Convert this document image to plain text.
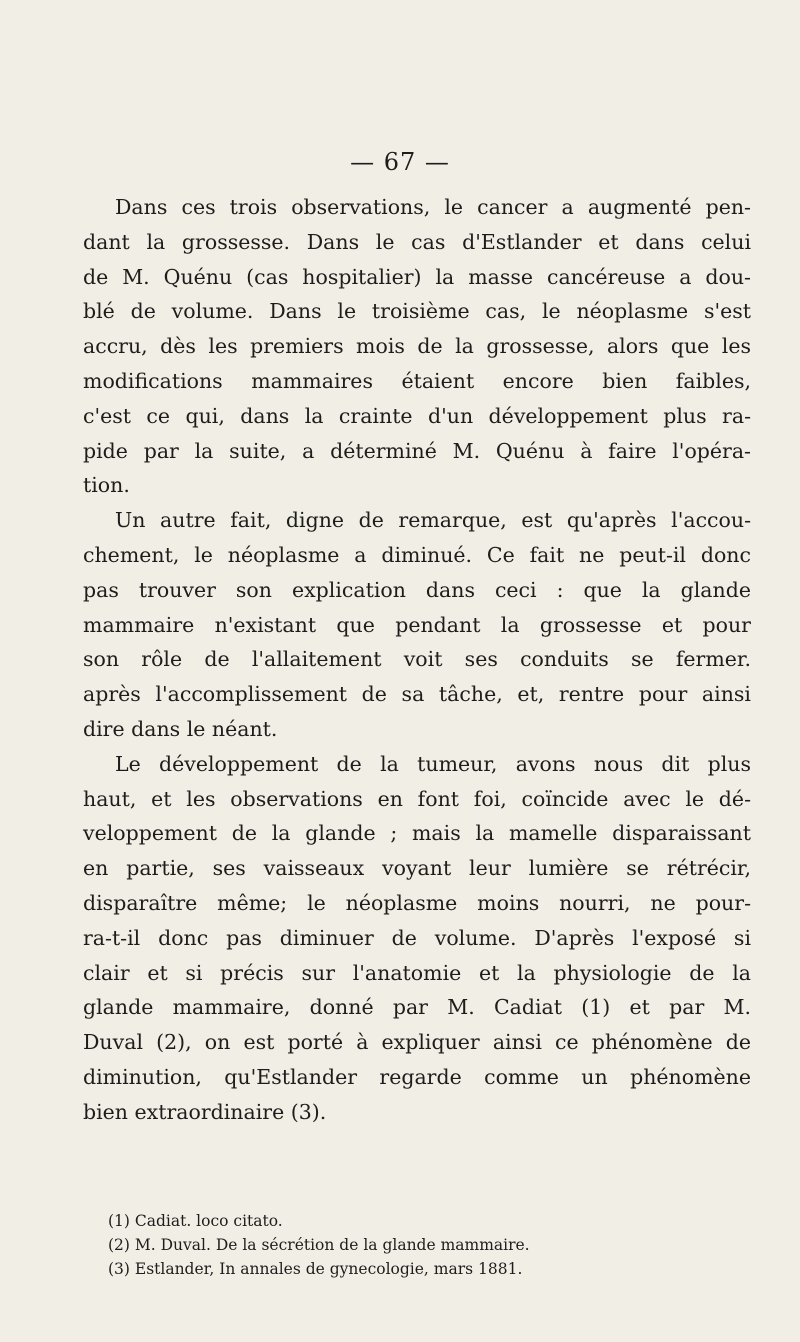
— 67 —
Dans ces trois observations, le cancer a augmenté pen-
dant la grossesse. Dans le cas d'Estlander et dans celui
de M. Quénu (cas hospitalier) la masse cancéreuse a dou-
blé de volume. Dans le troisième cas, le néoplasme s'est
accru, dès les premiers mois de la grossesse, alors que les
modifications mammaires étaient encore bien faibles,
c'est ce qui, dans la crainte d'un développement plus ra-
pide par la suite, a déterminé M. Quénu à faire l'opéra-
tion.
Un autre fait, digne de remarque, est qu'après l'accou-
chement, le néoplasme a diminué. Ce fait ne peut-il donc
pas trouver son explication dans ceci : que la glande
mammaire n'existant que pendant la grossesse et pour
son rôle de l'allaitement voit ses conduits se fermer.
après l'accomplissement de sa tâche, et, rentre pour ainsi
dire dans le néant.
Le développement de la tumeur, avons nous dit plus
haut, et les observations en font foi, coïncide avec le dé-
veloppement de la glande ; mais la mamelle disparaissant
en partie, ses vaisseaux voyant leur lumière se rétrécir,
disparaître même; le néoplasme moins nourri, ne pour-
ra-t-il donc pas diminuer de volume. D'après l'exposé si
clair et si précis sur l'anatomie et la physiologie de la
glande mammaire, donné par M. Cadiat (1) et par M.
Duval (2), on est porté à expliquer ainsi ce phénomène de
diminution, qu'Estlander regarde comme un phénomène
bien extraordinaire (3).
(1) Cadiat. loco citato.
(2) M. Duval. De la sécrétion de la glande mammaire.
(3) Estlander, In annales de gynecologie, mars 1881.
